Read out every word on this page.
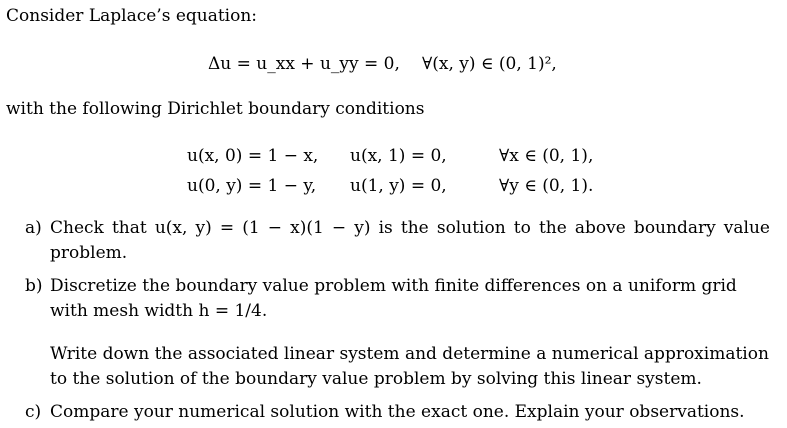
Consider Laplace’s equation:
Δu = u_xx + u_yy = 0, ∀(x, y) ∈ (0, 1)²,
with the following Dirichlet boundary conditions
u(x, 0) = 1 − x, u(x, 1) = 0,	∀x ∈ (0, 1),
u(0, y) = 1 − y, u(1, y) = 0,	∀y ∈ (0, 1).
a) Check that u(x, y) = (1 − x)(1 − y) is the solution to the above boundary value
problem.
b) Discretize the boundary value problem with finite differences on a uniform grid
with mesh width h = 1/4.
Write down the associated linear system and determine a numerical approximation
to the solution of the boundary value problem by solving this linear system.
c) Compare your numerical solution with the exact one. Explain your observations.
